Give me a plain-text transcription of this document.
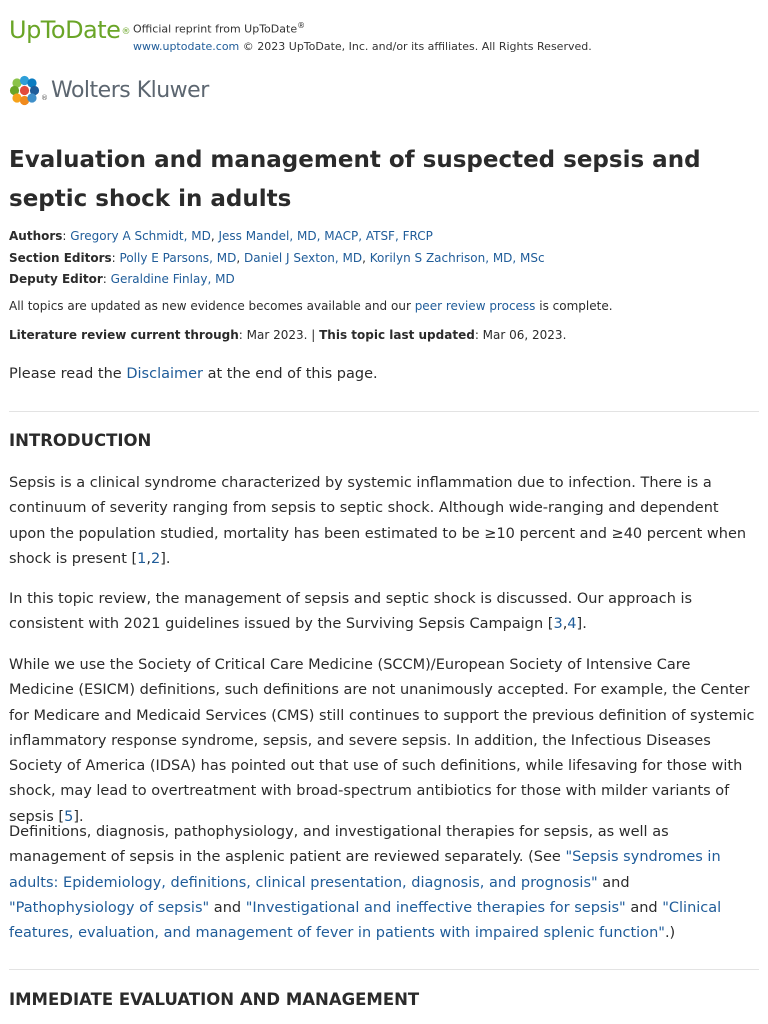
UpToDate® Official reprint from UpToDate®
www.uptodate.com © 2023 UpToDate, Inc. and/or its affiliates. All Rights Reserved.
® Wolters Kluwer
Evaluation and management of suspected sepsis and septic shock in adults
Authors: Gregory A Schmidt, MD, Jess Mandel, MD, MACP, ATSF, FRCP
Section Editors: Polly E Parsons, MD, Daniel J Sexton, MD, Korilyn S Zachrison, MD, MSc
Deputy Editor: Geraldine Finlay, MD
All topics are updated as new evidence becomes available and our peer review process is complete.
Literature review current through: Mar 2023. | This topic last updated: Mar 06, 2023.
Please read the Disclaimer at the end of this page.
INTRODUCTION

Sepsis is a clinical syndrome characterized by systemic inflammation due to infection. There is a continuum of severity ranging from sepsis to septic shock. Although wide-ranging and dependent upon the population studied, mortality has been estimated to be ≥10 percent and ≥40 percent when shock is present [1,2].

In this topic review, the management of sepsis and septic shock is discussed. Our approach is consistent with 2021 guidelines issued by the Surviving Sepsis Campaign [3,4].

While we use the Society of Critical Care Medicine (SCCM)/European Society of Intensive Care Medicine (ESICM) definitions, such definitions are not unanimously accepted. For example, the Center for Medicare and Medicaid Services (CMS) still continues to support the previous definition of systemic inflammatory response syndrome, sepsis, and severe sepsis. In addition, the Infectious Diseases Society of America (IDSA) has pointed out that use of such definitions, while lifesaving for those with shock, may lead to overtreatment with broad-spectrum antibiotics for those with milder variants of sepsis [5].

Definitions, diagnosis, pathophysiology, and investigational therapies for sepsis, as well as management of sepsis in the asplenic patient are reviewed separately. (See "Sepsis syndromes in adults: Epidemiology, definitions, clinical presentation, diagnosis, and prognosis" and "Pathophysiology of sepsis" and "Investigational and ineffective therapies for sepsis" and "Clinical features, evaluation, and management of fever in patients with impaired splenic function".)

IMMEDIATE EVALUATION AND MANAGEMENT
